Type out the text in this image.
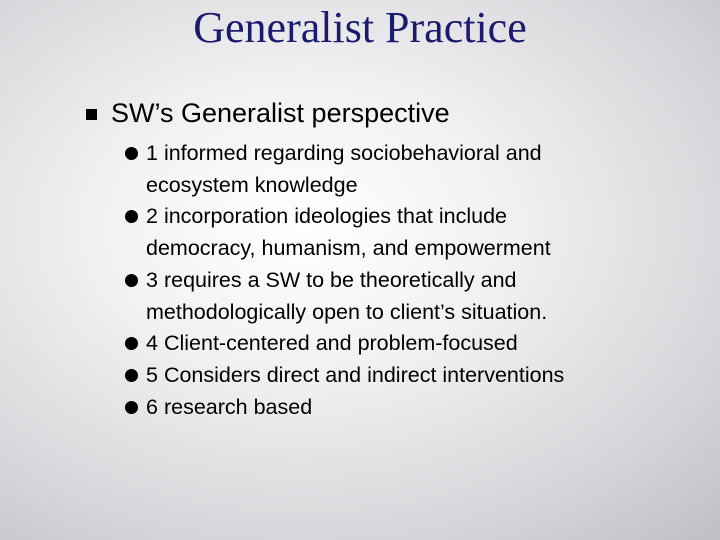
Generalist Practice
SW’s Generalist perspective
1 informed regarding sociobehavioral and
ecosystem knowledge
2 incorporation ideologies that include
democracy, humanism, and empowerment
3 requires a SW to be theoretically and
methodologically open to client’s situation.
4 Client-centered and problem-focused
5 Considers direct and indirect interventions
6 research based
